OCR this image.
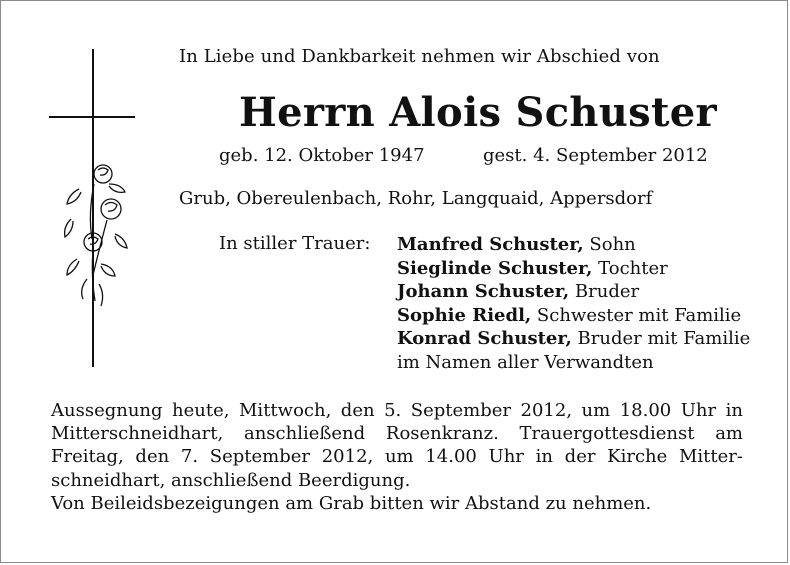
In Liebe und Dankbarkeit nehmen wir Abschied von
Herrn Alois Schuster
geb. 12. Oktober 1947	gest. 4. September 2012
Grub, Obereulenbach, Rohr, Langquaid, Appersdorf
In stiller Trauer: Manfred Schuster, Sohn
Sieglinde Schuster, Tochter
Johann Schuster, Bruder
Sophie Riedl, Schwester mit Familie
Konrad Schuster, Bruder mit Familie
im Namen aller Verwandten

Aussegnung heute, Mittwoch, den 5. September 2012, um 18.00 Uhr in Mitterschneidhart, anschließend Rosenkranz. Trauergottesdienst am Freitag, den 7. September 2012, um 14.00 Uhr in der Kirche Mitter-schneidhart, anschließend Beerdigung.

Von Beileidsbezeigungen am Grab bitten wir Abstand zu nehmen.
